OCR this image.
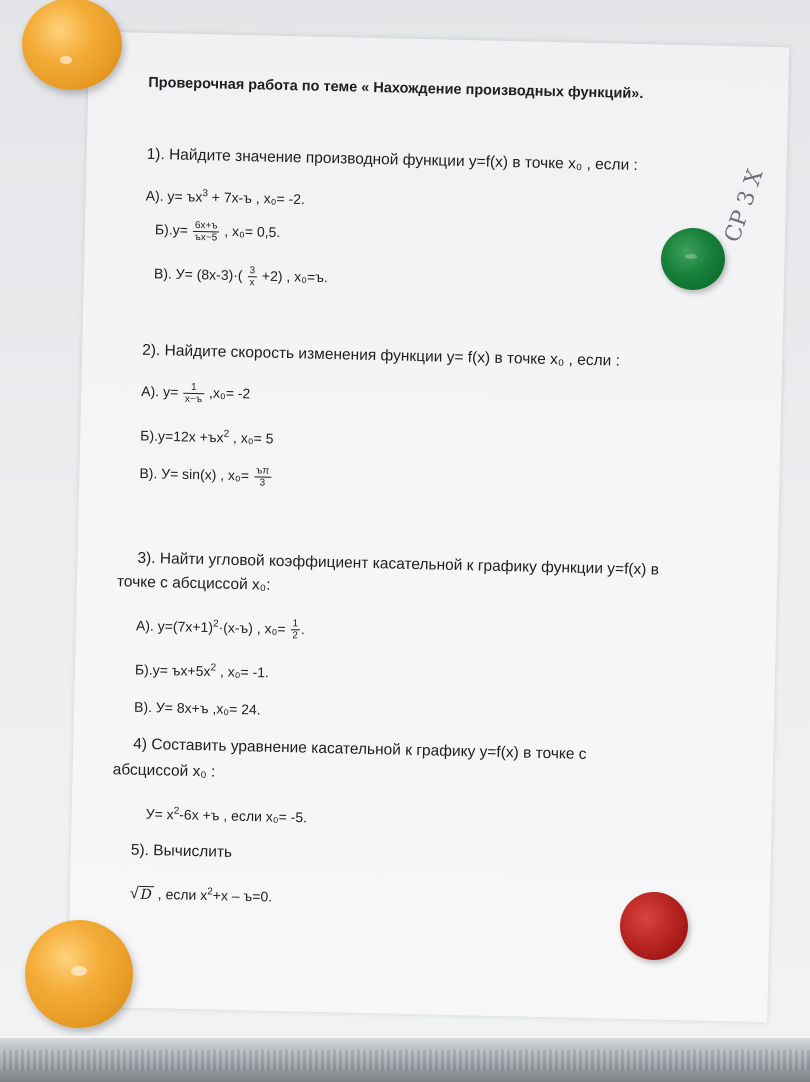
Проверочная работа по теме « Нахождение производных функций».
1). Найдите значение производной функции у=f(x) в точке х₀ , если :
А). $у= ъх^3 + 7х-ъ$ , х₀= -2.
$Б).у= \frac{6х+ъ}{ъх-5}$ , х₀= 0,5.
В). $У= (8х-3)\cdot( \frac{3}{х} +2)$ , х₀=ъ.
2). Найдите скорость изменения функции у= f(x) в точке х₀ , если :
А). $у= \frac{1}{х-ъ} ,х_0= -2$
$Б).у=12х +ъх^2$ , х₀= 5
В). У= sin(x) , $х_0= \frac{ъ\pi}{3}$
3). Найти угловой коэффициент касательной к графику функции у=f(x) в
точке с абсциссой х₀:
А). $у=(7х+1)^2\cdot(х-ъ)$ , $х_0= \frac{1}{2}$ .
$Б).у= ъх+5х^2$ , х₀= -1.
В). У= 8х+ъ ,х₀= 24.
4) Составить уравнение касательной к графику у=f(x) в точке с
абсциссой х₀ :
$У= х^2-6х +ъ$ , если х₀= -5.
5). Вычислить
√ D , если $х^2+х - ъ=0$.
СР 3 Х
